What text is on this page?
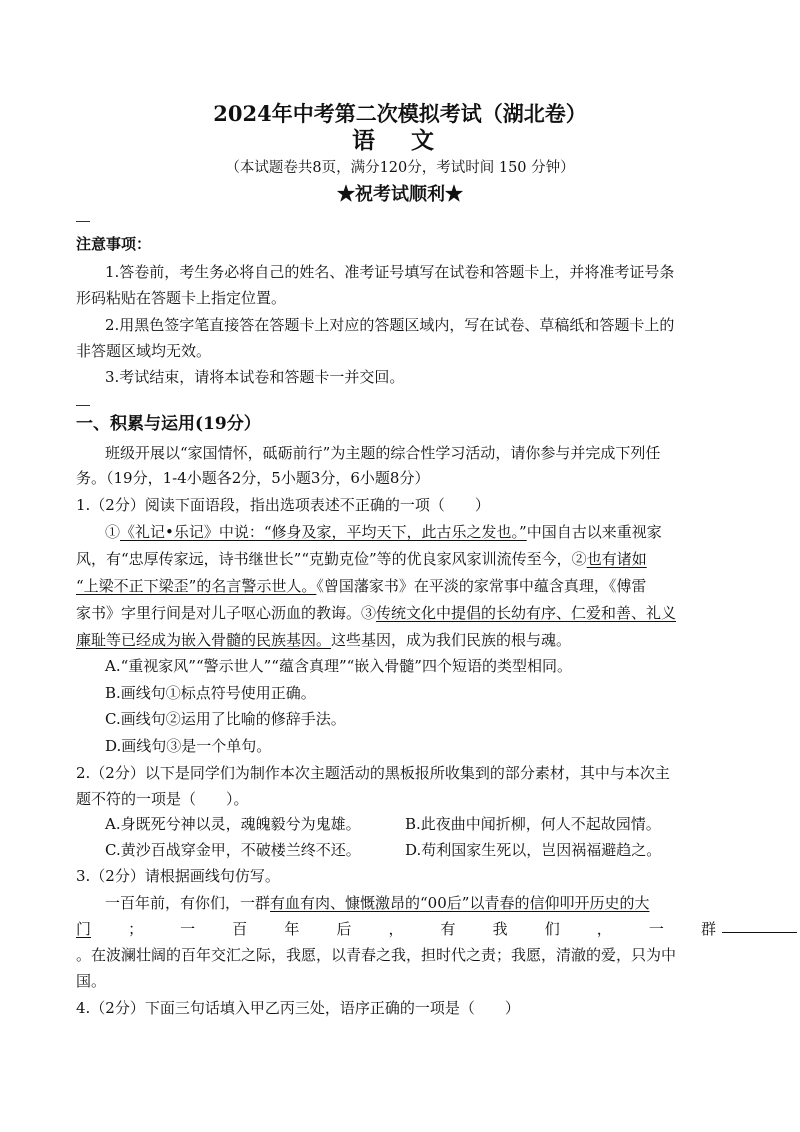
2024年中考第二次模拟考试（湖北卷）
语 文
（本试题卷共8页，满分120分，考试时间 150 分钟）
★祝考试顺利★
注意事项：
1.答卷前，考生务必将自己的姓名、准考证号填写在试卷和答题卡上，并将准考证号条
形码粘贴在答题卡上指定位置。
2.用黑色签字笔直接答在答题卡上对应的答题区域内，写在试卷、草稿纸和答题卡上的
非答题区域均无效。
3.考试结束，请将本试卷和答题卡一并交回。
一、积累与运用(19分）
班级开展以“家国情怀，砥砺前行”为主题的综合性学习活动，请你参与并完成下列任
务。（19分，1-4小题各2分，5小题3分，6小题8分）
1.（2分）阅读下面语段，指出选项表述不正确的一项（　　）
①《礼记•乐记》中说：“修身及家，平均天下，此古乐之发也。”中国自古以来重视家
风，有“忠厚传家远，诗书继世长”“克勤克俭”等的优良家风家训流传至今，②也有诸如
“上梁不正下梁歪”的名言警示世人。《曾国藩家书》在平淡的家常事中蕴含真理，《傅雷
家书》字里行间是对儿子呕心沥血的教诲。③传统文化中提倡的长幼有序、仁爱和善、礼义
廉耻等已经成为嵌入骨髓的民族基因。这些基因，成为我们民族的根与魂。
A.“重视家风”“警示世人”“蕴含真理”“嵌入骨髓”四个短语的类型相同。
B.画线句①标点符号使用正确。
C.画线句②运用了比喻的修辞手法。
D.画线句③是一个单句。
2.（2分）以下是同学们为制作本次主题活动的黑板报所收集到的部分素材，其中与本次主
题不符的一项是（　　）。
A.身既死兮神以灵，魂魄毅兮为鬼雄。	B.此夜曲中闻折柳，何人不起故园情。
C.黄沙百战穿金甲，不破楼兰终不还。	D.苟利国家生死以，岂因祸福避趋之。
3.（2分）请根据画线句仿写。
一百年前，有你们，一群有血有肉、慷慨激昂的“00后”以青春的信仰叩开历史的大
门 ； 一 百 年 后 ， 有 我 们 ， 一 群
。在波澜壮阔的百年交汇之际，我愿，以青春之我，担时代之责；我愿，清澈的爱，只为中
国。
4.（2分）下面三句话填入甲乙丙三处，语序正确的一项是（　　）
